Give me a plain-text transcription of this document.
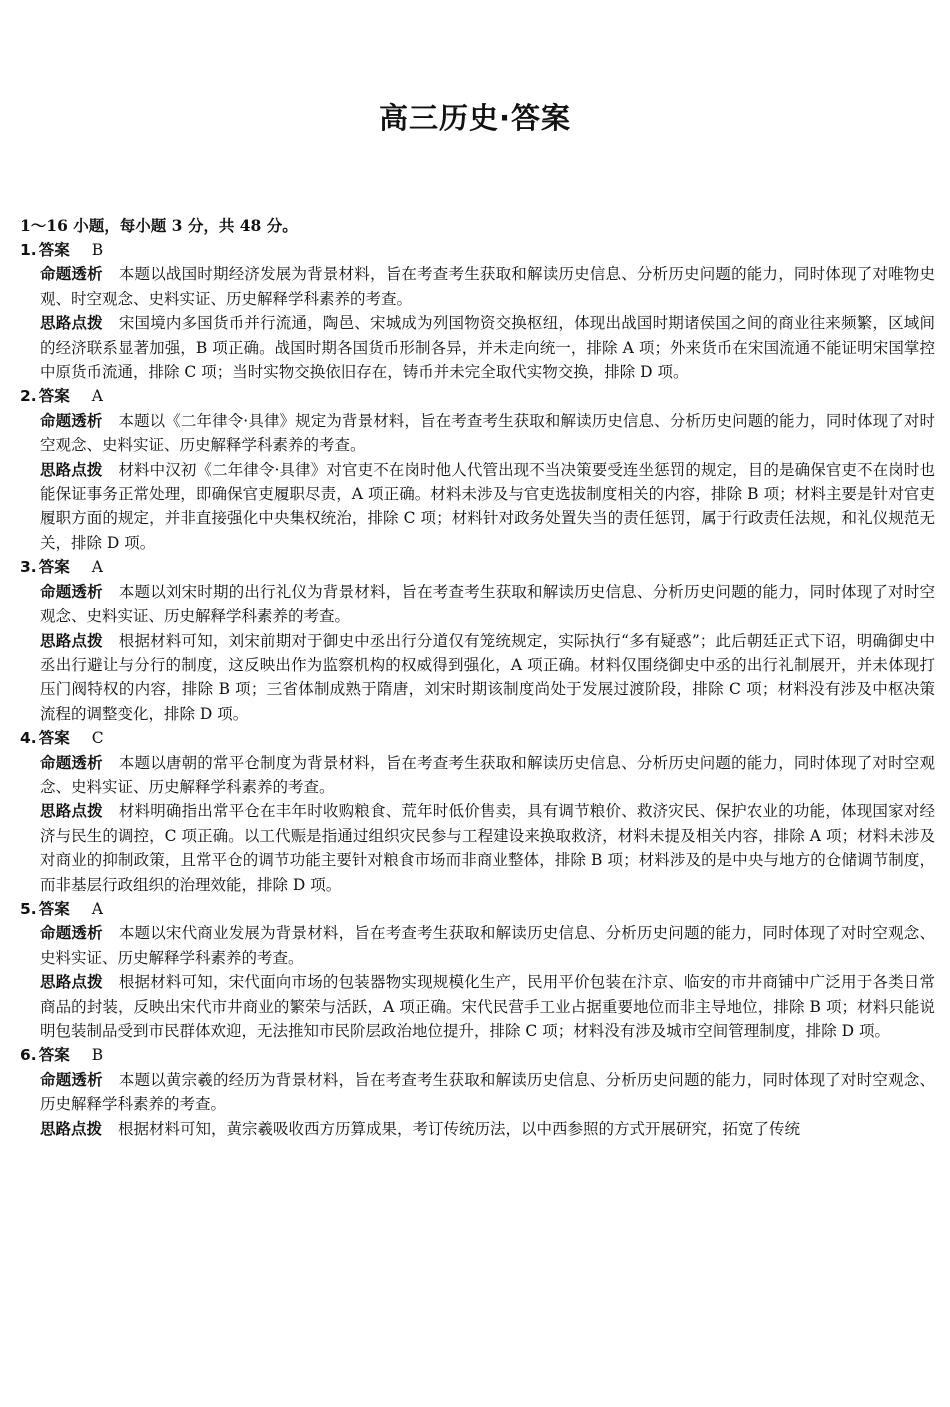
高三历史·答案
1～16 小题，每小题 3 分，共 48 分。
1. 答案 B

命题透析 本题以战国时期经济发展为背景材料，旨在考查考生获取和解读历史信息、分析历史问题的能力，同时体现了对唯物史观、时空观念、史料实证、历史解释学科素养的考查。

思路点拨 宋国境内多国货币并行流通，陶邑、宋城成为列国物资交换枢纽，体现出战国时期诸侯国之间的商业往来频繁，区域间的经济联系显著加强，B 项正确。战国时期各国货币形制各异，并未走向统一，排除 A 项；外来货币在宋国流通不能证明宋国掌控中原货币流通，排除 C 项；当时实物交换依旧存在，铸币并未完全取代实物交换，排除 D 项。

2. 答案 A

命题透析 本题以《二年律令·具律》规定为背景材料，旨在考查考生获取和解读历史信息、分析历史问题的能力，同时体现了对时空观念、史料实证、历史解释学科素养的考查。

思路点拨 材料中汉初《二年律令·具律》对官吏不在岗时他人代管出现不当决策要受连坐惩罚的规定，目的是确保官吏不在岗时也能保证事务正常处理，即确保官吏履职尽责，A 项正确。材料未涉及与官吏选拔制度相关的内容，排除 B 项；材料主要是针对官吏履职方面的规定，并非直接强化中央集权统治，排除 C 项；材料针对政务处置失当的责任惩罚，属于行政责任法规，和礼仪规范无关，排除 D 项。

3. 答案 A

命题透析 本题以刘宋时期的出行礼仪为背景材料，旨在考查考生获取和解读历史信息、分析历史问题的能力，同时体现了对时空观念、史料实证、历史解释学科素养的考查。

思路点拨 根据材料可知，刘宋前期对于御史中丞出行分道仅有笼统规定，实际执行“多有疑惑”；此后朝廷正式下诏，明确御史中丞出行避让与分行的制度，这反映出作为监察机构的权威得到强化，A 项正确。材料仅围绕御史中丞的出行礼制展开，并未体现打压门阀特权的内容，排除 B 项；三省体制成熟于隋唐，刘宋时期该制度尚处于发展过渡阶段，排除 C 项；材料没有涉及中枢决策流程的调整变化，排除 D 项。

4. 答案 C

命题透析 本题以唐朝的常平仓制度为背景材料，旨在考查考生获取和解读历史信息、分析历史问题的能力，同时体现了对时空观念、史料实证、历史解释学科素养的考查。

思路点拨 材料明确指出常平仓在丰年时收购粮食、荒年时低价售卖，具有调节粮价、救济灾民、保护农业的功能，体现国家对经济与民生的调控，C 项正确。以工代赈是指通过组织灾民参与工程建设来换取救济，材料未提及相关内容，排除 A 项；材料未涉及对商业的抑制政策，且常平仓的调节功能主要针对粮食市场而非商业整体，排除 B 项；材料涉及的是中央与地方的仓储调节制度，而非基层行政组织的治理效能，排除 D 项。

5. 答案 A

命题透析 本题以宋代商业发展为背景材料，旨在考查考生获取和解读历史信息、分析历史问题的能力，同时体现了对时空观念、史料实证、历史解释学科素养的考查。

思路点拨 根据材料可知，宋代面向市场的包装器物实现规模化生产，民用平价包装在汴京、临安的市井商铺中广泛用于各类日常商品的封装，反映出宋代市井商业的繁荣与活跃，A 项正确。宋代民营手工业占据重要地位而非主导地位，排除 B 项；材料只能说明包装制品受到市民群体欢迎，无法推知市民阶层政治地位提升，排除 C 项；材料没有涉及城市空间管理制度，排除 D 项。

6. 答案 B

命题透析 本题以黄宗羲的经历为背景材料，旨在考查考生获取和解读历史信息、分析历史问题的能力，同时体现了对时空观念、历史解释学科素养的考查。

思路点拨 根据材料可知，黄宗羲吸收西方历算成果，考订传统历法，以中西参照的方式开展研究，拓宽了传统
